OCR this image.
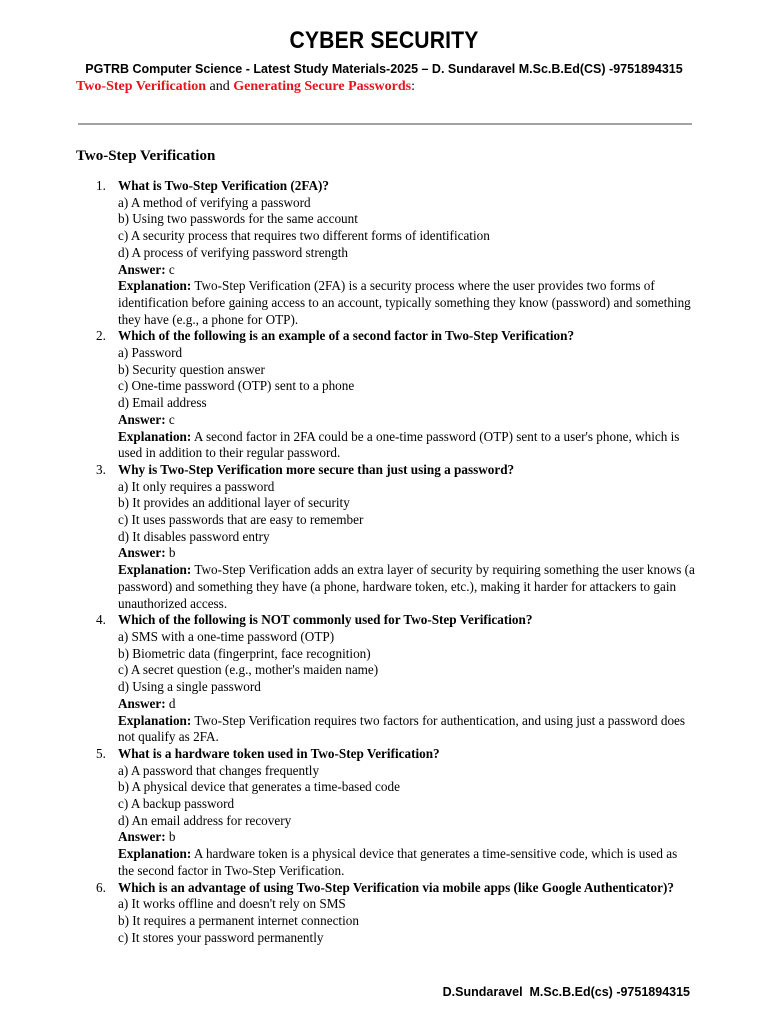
CYBER SECURITY
PGTRB Computer Science - Latest Study Materials-2025 – D. Sundaravel M.Sc.B.Ed(CS) -9751894315
Two-Step Verification and Generating Secure Passwords:
Two-Step Verification
1. What is Two-Step Verification (2FA)?
a) A method of verifying a password
b) Using two passwords for the same account
c) A security process that requires two different forms of identification
d) A process of verifying password strength
Answer: c
Explanation: Two-Step Verification (2FA) is a security process where the user provides two forms of identification before gaining access to an account, typically something they know (password) and something they have (e.g., a phone for OTP).
2. Which of the following is an example of a second factor in Two-Step Verification?
a) Password
b) Security question answer
c) One-time password (OTP) sent to a phone
d) Email address
Answer: c
Explanation: A second factor in 2FA could be a one-time password (OTP) sent to a user's phone, which is used in addition to their regular password.
3. Why is Two-Step Verification more secure than just using a password?
a) It only requires a password
b) It provides an additional layer of security
c) It uses passwords that are easy to remember
d) It disables password entry
Answer: b
Explanation: Two-Step Verification adds an extra layer of security by requiring something the user knows (a password) and something they have (a phone, hardware token, etc.), making it harder for attackers to gain unauthorized access.
4. Which of the following is NOT commonly used for Two-Step Verification?
a) SMS with a one-time password (OTP)
b) Biometric data (fingerprint, face recognition)
c) A secret question (e.g., mother's maiden name)
d) Using a single password
Answer: d
Explanation: Two-Step Verification requires two factors for authentication, and using just a password does not qualify as 2FA.
5. What is a hardware token used in Two-Step Verification?
a) A password that changes frequently
b) A physical device that generates a time-based code
c) A backup password
d) An email address for recovery
Answer: b
Explanation: A hardware token is a physical device that generates a time-sensitive code, which is used as the second factor in Two-Step Verification.
6. Which is an advantage of using Two-Step Verification via mobile apps (like Google Authenticator)?
a) It works offline and doesn't rely on SMS
b) It requires a permanent internet connection
c) It stores your password permanently
D.Sundaravel  M.Sc.B.Ed(cs) -9751894315
